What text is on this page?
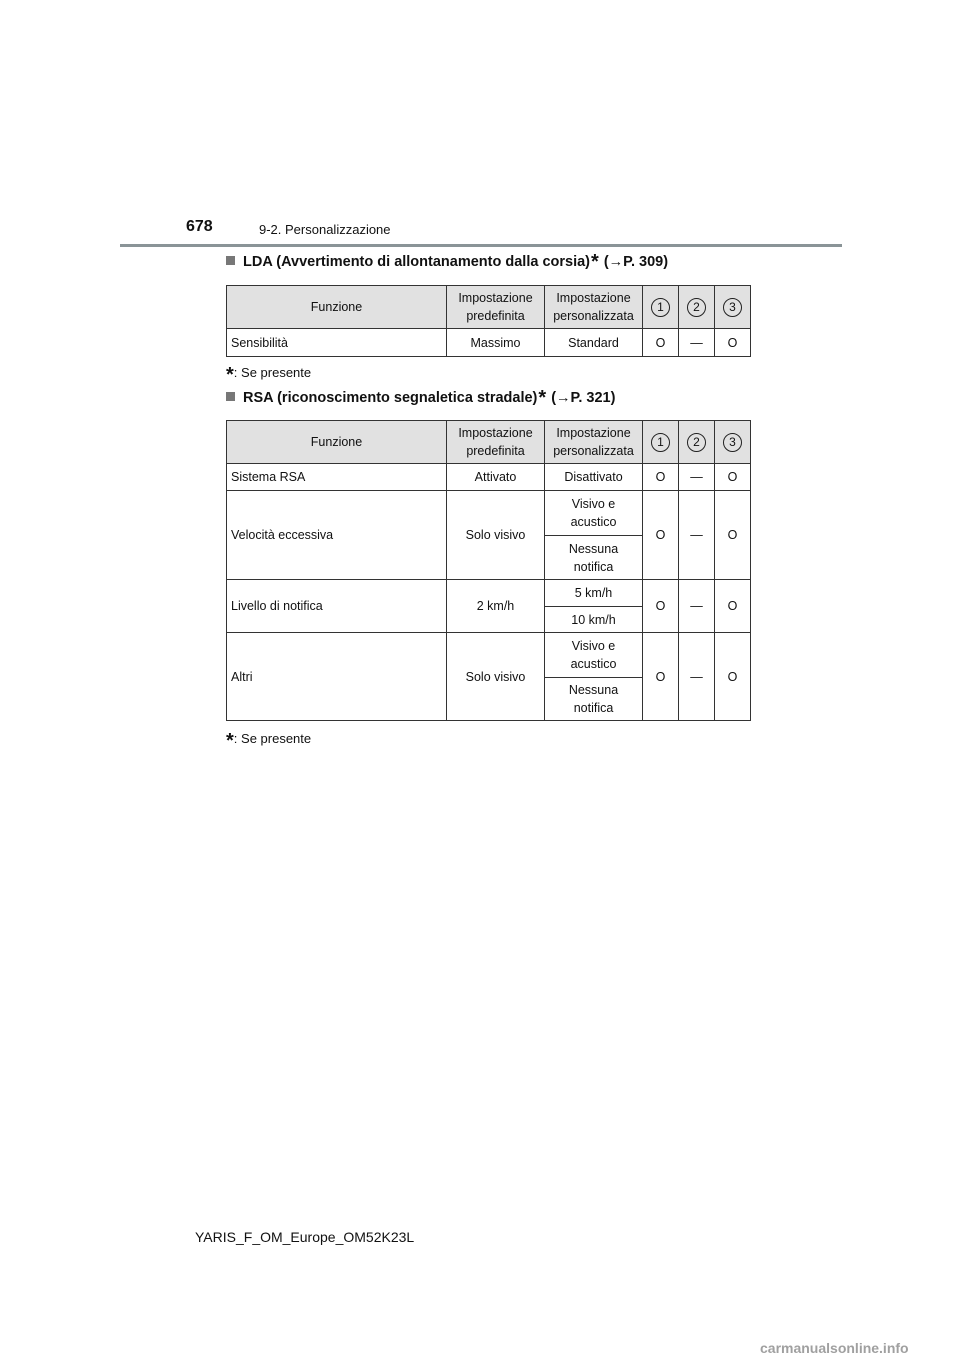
678	9-2. Personalizzazione
LDA (Avvertimento di allontanamento dalla corsia)* (→P. 309)
Funzione	Impostazione predefinita	Impostazione personalizzata	1	2	3
Sensibilità	Massimo	Standard	O	—	O
*: Se presente
RSA (riconoscimento segnaletica stradale)* (→P. 321)
Funzione	Impostazione predefinita	Impostazione personalizzata	1	2	3
Sistema RSA	Attivato	Disattivato	O	—	O
Velocità eccessiva	Solo visivo	Visivo e acustico	O	—	O
		Nessuna notifica			
Livello di notifica	2 km/h	5 km/h	O	—	O
		10 km/h			
Altri	Solo visivo	Visivo e acustico	O	—	O
		Nessuna notifica			
*: Se presente
YARIS_F_OM_Europe_OM52K23L
carmanualsonline.info
